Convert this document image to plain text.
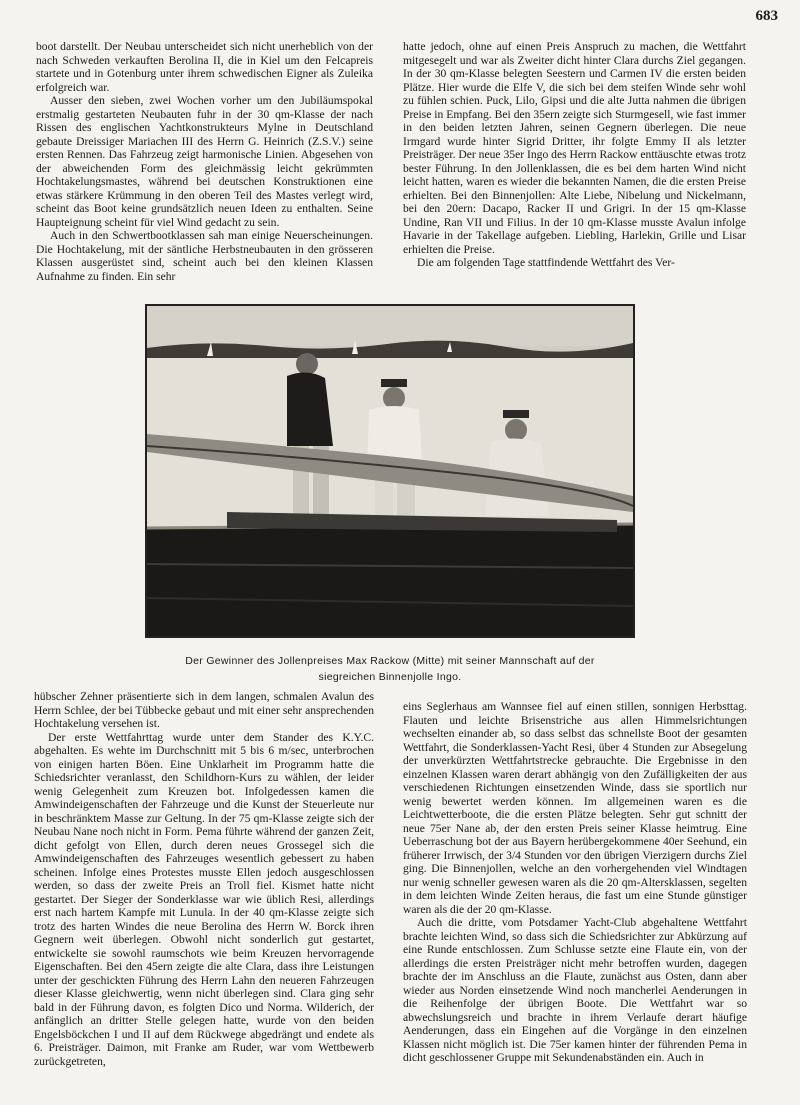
683

boot darstellt. Der Neubau unterscheidet sich nicht unerheblich von der nach Schweden verkauften Berolina II, die in Kiel um den Felcapreis startete und in Gotenburg unter ihrem schwedischen Eigner als Zuleika erfolgreich war.

Ausser den sieben, zwei Wochen vorher um den Jubiläumspokal erstmalig gestarteten Neubauten fuhr in der 30 qm-Klasse der nach Rissen des englischen Yachtkonstrukteurs Mylne in Deutschland gebaute Dreissiger Mariachen III des Herrn G. Heinrich (Z.S.V.) seine ersten Rennen. Das Fahrzeug zeigt harmonische Linien. Abgesehen von der abweichenden Form des gleichmässig leicht gekrümmten Hochtakelungsmastes, während bei deutschen Konstruktionen eine etwas stärkere Krümmung in den oberen Teil des Mastes verlegt wird, scheint das Boot keine grundsätzlich neuen Ideen zu enthalten. Seine Haupteignung scheint für viel Wind gedacht zu sein.

Auch in den Schwertbootklassen sah man einige Neuerscheinungen. Die Hochtakelung, mit der säntliche Herbstneubauten in den grösseren Klassen ausgerüstet sind, scheint auch bei den kleinen Klassen Aufnahme zu finden. Ein sehr

hatte jedoch, ohne auf einen Preis Anspruch zu machen, die Wettfahrt mitgesegelt und war als Zweiter dicht hinter Clara durchs Ziel gegangen. In der 30 qm-Klasse belegten Seestern und Carmen IV die ersten beiden Plätze. Hier wurde die Elfe V, die sich bei dem steifen Winde sehr wohl zu fühlen schien. Puck, Lilo, Gipsi und die alte Jutta nahmen die übrigen Preise in Empfang. Bei den 35ern zeigte sich Sturmgesell, wie fast immer in den beiden letzten Jahren, seinen Gegnern überlegen. Die neue Irmgard wurde hinter Sigrid Dritter, ihr folgte Emmy II als letzter Preisträger. Der neue 35er Ingo des Herrn Rackow enttäuschte etwas trotz bester Führung. In den Jollenklassen, die es bei dem harten Wind nicht leicht hatten, waren es wieder die bekannten Namen, die die ersten Preise erhielten. Bei den Binnenjollen: Alte Liebe, Nibelung und Nickelmann, bei den 20ern: Dacapo, Racker II und Grigri. In der 15 qm-Klasse Undine, Ran VII und Filius. In der 10 qm-Klasse musste Avalun infolge Havarie in der Takellage aufgeben. Liebling, Harlekin, Grille und Lisar erhielten die Preise.

Die am folgenden Tage stattfindende Wettfahrt des Ver-

Der Gewinner des Jollenpreises Max Rackow (Mitte) mit seiner Mannschaft auf der
siegreichen Binnenjolle Ingo.

hübscher Zehner präsentierte sich in dem langen, schmalen Avalun des Herrn Schlee, der bei Tübbecke gebaut und mit einer sehr ansprechenden Hochtakelung versehen ist.

Der erste Wettfahrttag wurde unter dem Stander des K.Y.C. abgehalten. Es wehte im Durchschnitt mit 5 bis 6 m/sec, unterbrochen von einigen harten Böen. Eine Unklarheit im Programm hatte die Schiedsrichter veranlasst, den Schildhorn-Kurs zu wählen, der leider wenig Gelegenheit zum Kreuzen bot. Infolgedessen kamen die Amwindeigenschaften der Fahrzeuge und die Kunst der Steuerleute nur in beschränktem Masse zur Geltung. In der 75 qm-Klasse zeigte sich der Neubau Nane noch nicht in Form. Pema führte während der ganzen Zeit, dicht gefolgt von Ellen, durch deren neues Grossegel sich die Amwindeigenschaften des Fahrzeuges wesentlich gebessert zu haben scheinen. Infolge eines Protestes musste Ellen jedoch ausgeschlossen werden, so dass der zweite Preis an Troll fiel. Kismet hatte nicht gestartet. Der Sieger der Sonderklasse war wie üblich Resi, allerdings erst nach hartem Kampfe mit Lunula. In der 40 qm-Klasse zeigte sich trotz des harten Windes die neue Berolina des Herrn W. Borck ihren Gegnern weit überlegen. Obwohl nicht sonderlich gut gestartet, entwickelte sie sowohl raumschots wie beim Kreuzen hervorragende Eigenschaften. Bei den 45ern zeigte die alte Clara, dass ihre Leistungen unter der geschickten Führung des Herrn Lahn den neueren Fahrzeugen dieser Klasse gleichwertig, wenn nicht überlegen sind. Clara ging sehr bald in der Führung davon, es folgten Dico und Norma. Wilderich, der anfänglich an dritter Stelle gelegen hatte, wurde von den beiden Engelsböckchen I und II auf dem Rückwege abgedrängt und endete als 6. Preisträger. Daimon, mit Franke am Ruder, war vom Wettbewerb zurückgetreten,

eins Seglerhaus am Wannsee fiel auf einen stillen, sonnigen Herbsttag. Flauten und leichte Brisenstriche aus allen Himmelsrichtungen wechselten einander ab, so dass selbst das schnellste Boot der gesamten Wettfahrt, die Sonderklassen-Yacht Resi, über 4 Stunden zur Absegelung der unverkürzten Wettfahrtstrecke gebrauchte. Die Ergebnisse in den einzelnen Klassen waren derart abhängig von den Zufälligkeiten der aus verschiedenen Richtungen einsetzenden Winde, dass sie sportlich nur wenig bewertet werden können. Im allgemeinen waren es die Leichtwetterboote, die die ersten Plätze belegten. Sehr gut schnitt der neue 75er Nane ab, der den ersten Preis seiner Klasse heimtrug. Eine Ueberraschung bot der aus Bayern herübergekommene 40er Seehund, ein früherer Irrwisch, der 3/4 Stunden vor den übrigen Vierzigern durchs Ziel ging. Die Binnenjollen, welche an den vorhergehenden viel Windtagen nur wenig schneller gewesen waren als die 20 qm-Altersklassen, segelten in dem leichten Winde Zeiten heraus, die fast um eine Stunde günstiger waren als die der 20 qm-Klasse.

Auch die dritte, vom Potsdamer Yacht-Club abgehaltene Wettfahrt brachte leichten Wind, so dass sich die Schiedsrichter zur Abkürzung auf eine Runde entschlossen. Zum Schlusse setzte eine Flaute ein, von der allerdings die ersten Preisträger nicht mehr betroffen wurden, dagegen brachte der im Anschluss an die Flaute, zunächst aus Osten, dann aber wieder aus Norden einsetzende Wind noch mancherlei Aenderungen in die Reihenfolge der übrigen Boote. Die Wettfahrt war so abwechslungsreich und brachte in ihrem Verlaufe derart häufige Aenderungen, dass ein Eingehen auf die Vorgänge in den einzelnen Klassen nicht möglich ist. Die 75er kamen hinter der führenden Pema in dicht geschlossener Gruppe mit Sekundenabständen ein. Auch in
